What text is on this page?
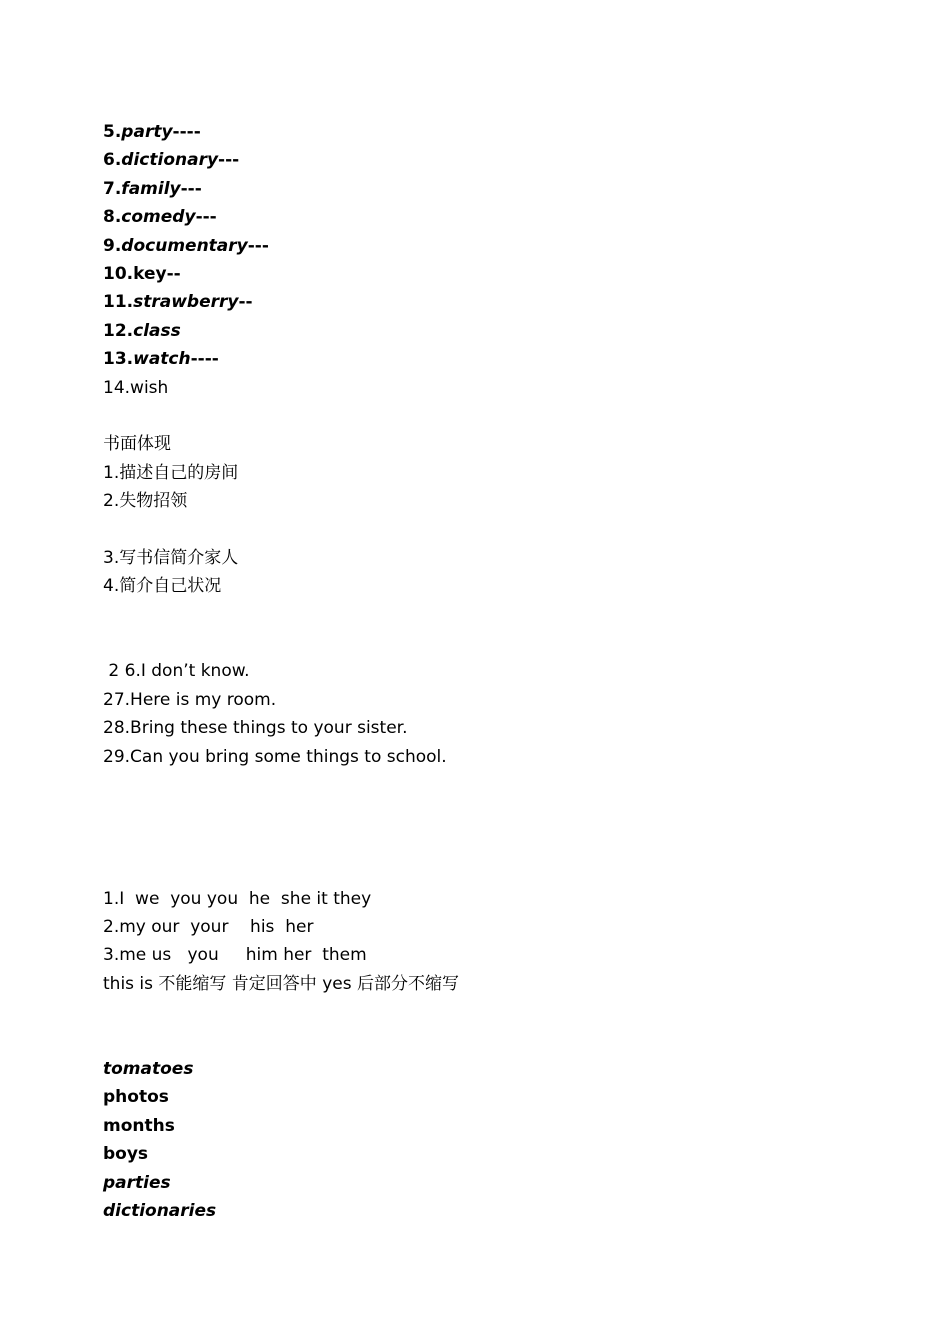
5.party----
6.dictionary---
7.family---
8.comedy---
9.documentary---
10.key--
11.strawberry--
12.class
13.watch----
14.wish
书面体现
1.描述自己的房间
2.失物招领
3.写书信简介家人
4.简介自己状况
2 6.I don’t know.
27.Here is my room.
28.Bring these things to your sister.
29.Can you bring some things to school.
1.I  we  you you  he  she it they
2.my our  your    his  her
3.me us   you     him her  them
this is 不能缩写 肯定回答中 yes 后部分不缩写
tomatoes
photos
months
boys
parties
dictionaries
